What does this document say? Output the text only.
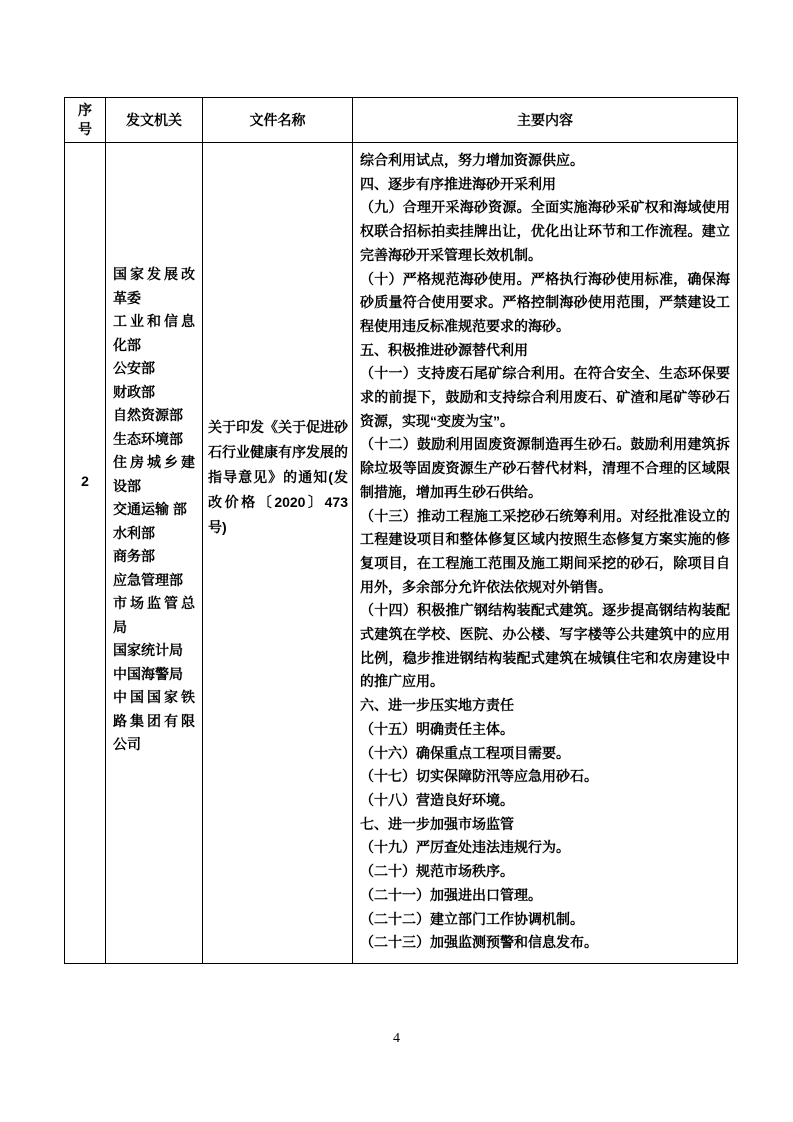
序号
发文机关	文件名称	主要内容
2
国家发展改革委
工业和信息化部
公安部
财政部
自然资源部
生态环境部
住房城乡建设部
交通运输 部
水利部
商务部
应急管理部
市场监管总局
国家统计局
中国海警局
中国国家铁路集团有限公司
关于印发《关于促进砂石行业健康有序发展的指导意见》的通知(发改价格〔2020〕473号)
综合利用试点，努力增加资源供应。
四、逐步有序推进海砂开采利用
（九）合理开采海砂资源。全面实施海砂采矿权和海域使用权联合招标拍卖挂牌出让，优化出让环节和工作流程。建立完善海砂开采管理长效机制。
（十）严格规范海砂使用。严格执行海砂使用标准，确保海砂质量符合使用要求。严格控制海砂使用范围，严禁建设工程使用违反标准规范要求的海砂。
五、积极推进砂源替代利用
（十一）支持废石尾矿综合利用。在符合安全、生态环保要求的前提下，鼓励和支持综合利用废石、矿渣和尾矿等砂石资源，实现“变废为宝”。
（十二）鼓励利用固废资源制造再生砂石。鼓励利用建筑拆除垃圾等固废资源生产砂石替代材料，清理不合理的区域限制措施，增加再生砂石供给。
（十三）推动工程施工采挖砂石统筹利用。对经批准设立的工程建设项目和整体修复区域内按照生态修复方案实施的修复项目，在工程施工范围及施工期间采挖的砂石，除项目自用外，多余部分允许依法依规对外销售。
（十四）积极推广钢结构装配式建筑。逐步提高钢结构装配式建筑在学校、医院、办公楼、写字楼等公共建筑中的应用比例，稳步推进钢结构装配式建筑在城镇住宅和农房建设中的推广应用。
六、进一步压实地方责任
（十五）明确责任主体。
（十六）确保重点工程项目需要。
（十七）切实保障防汛等应急用砂石。
（十八）营造良好环境。
七、进一步加强市场监管
（十九）严厉查处违法违规行为。
（二十）规范市场秩序。
（二十一）加强进出口管理。
（二十二）建立部门工作协调机制。
（二十三）加强监测预警和信息发布。
4
